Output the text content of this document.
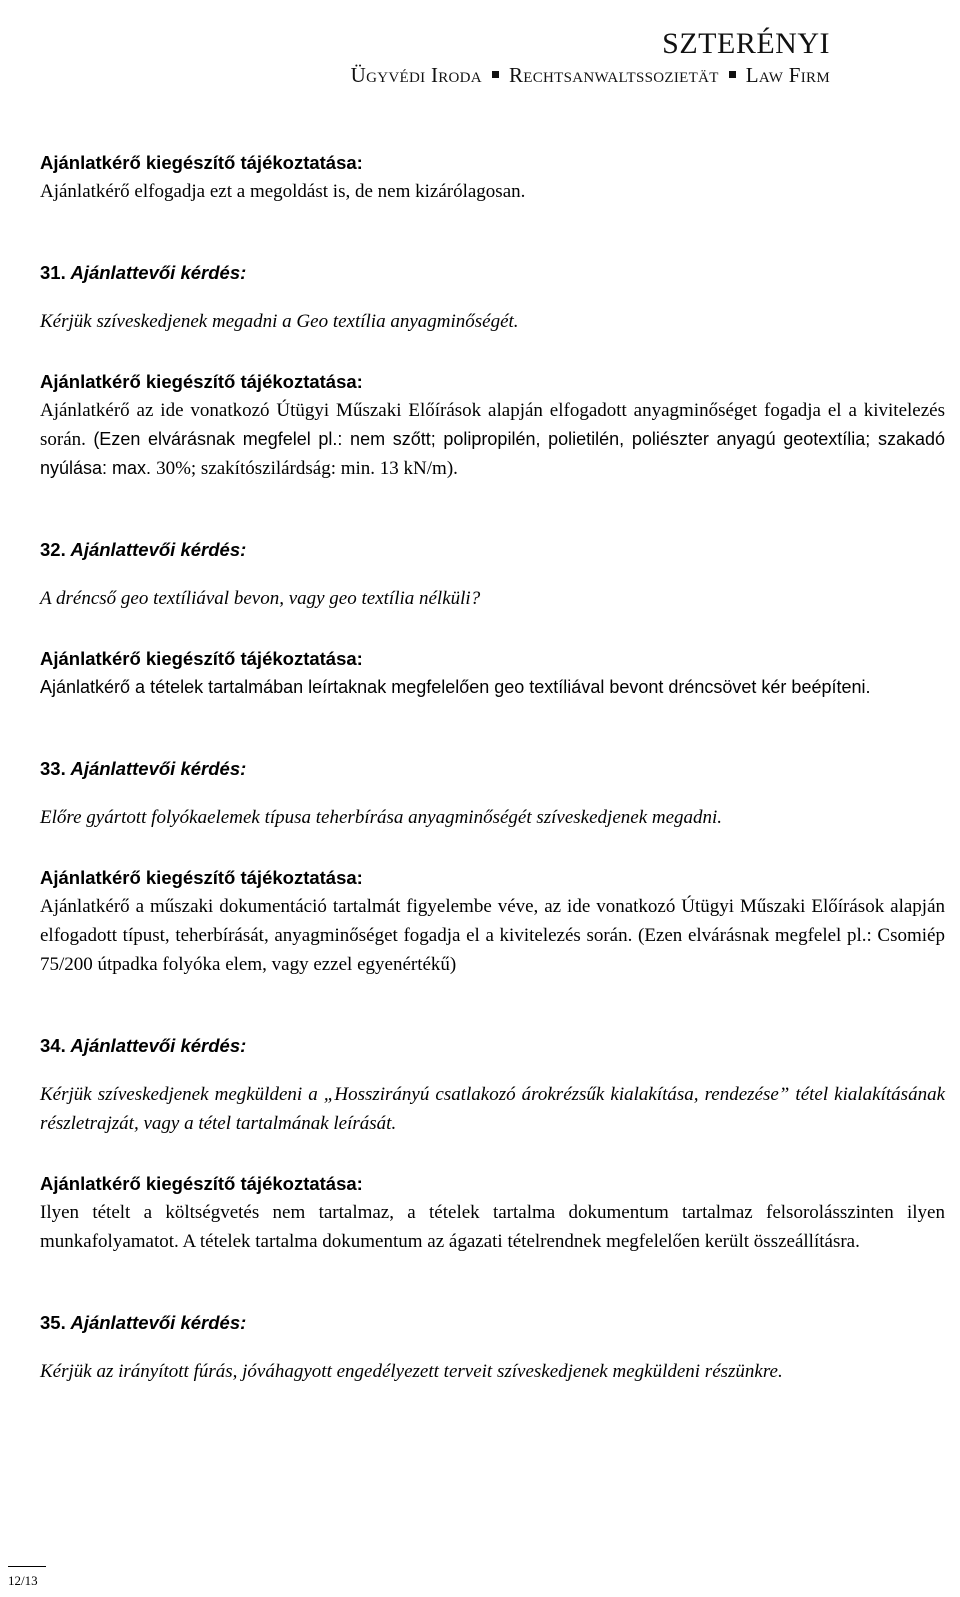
SZTERÉNYI
Ügyvédi Iroda Rechtsanwaltssozietät Law Firm
Ajánlatkérő kiegészítő tájékoztatása:

Ajánlatkérő elfogadja ezt a megoldást is, de nem kizárólagosan.

31. Ajánlattevői kérdés:

Kérjük szíveskedjenek megadni a Geo textília anyagminőségét.

Ajánlatkérő kiegészítő tájékoztatása:

Ajánlatkérő az ide vonatkozó Útügyi Műszaki Előírások alapján elfogadott anyagminőséget fogadja el a kivitelezés során. (Ezen elvárásnak megfelel pl.: nem szőtt; polipropilén, polietilén, poliészter anyagú geotextília; szakadó nyúlása: max. 30%; szakítószilárdság: min. 13 kN/m).

32. Ajánlattevői kérdés:

A dréncső geo textíliával bevon, vagy geo textília nélküli?

Ajánlatkérő kiegészítő tájékoztatása:

Ajánlatkérő a tételek tartalmában leírtaknak megfelelően geo textíliával bevont dréncsövet kér beépíteni.

33. Ajánlattevői kérdés:

Előre gyártott folyókaelemek típusa teherbírása anyagminőségét szíveskedjenek megadni.

Ajánlatkérő kiegészítő tájékoztatása:

Ajánlatkérő a műszaki dokumentáció tartalmát figyelembe véve, az ide vonatkozó Útügyi Műszaki Előírások alapján elfogadott típust, teherbírását, anyagminőséget fogadja el a kivitelezés során. (Ezen elvárásnak megfelel pl.: Csomiép 75/200 útpadka folyóka elem, vagy ezzel egyenértékű)

34. Ajánlattevői kérdés:

Kérjük szíveskedjenek megküldeni a „Hosszirányú csatlakozó árokrézsűk kialakítása, rendezése” tétel kialakításának részletrajzát, vagy a tétel tartalmának leírását.

Ajánlatkérő kiegészítő tájékoztatása:

Ilyen tételt a költségvetés nem tartalmaz, a tételek tartalma dokumentum tartalmaz felsorolásszinten ilyen munkafolyamatot. A tételek tartalma dokumentum az ágazati tételrendnek megfelelően került összeállításra.

35. Ajánlattevői kérdés:

Kérjük az irányított fúrás, jóváhagyott engedélyezett terveit szíveskedjenek megküldeni részünkre.

12/13
